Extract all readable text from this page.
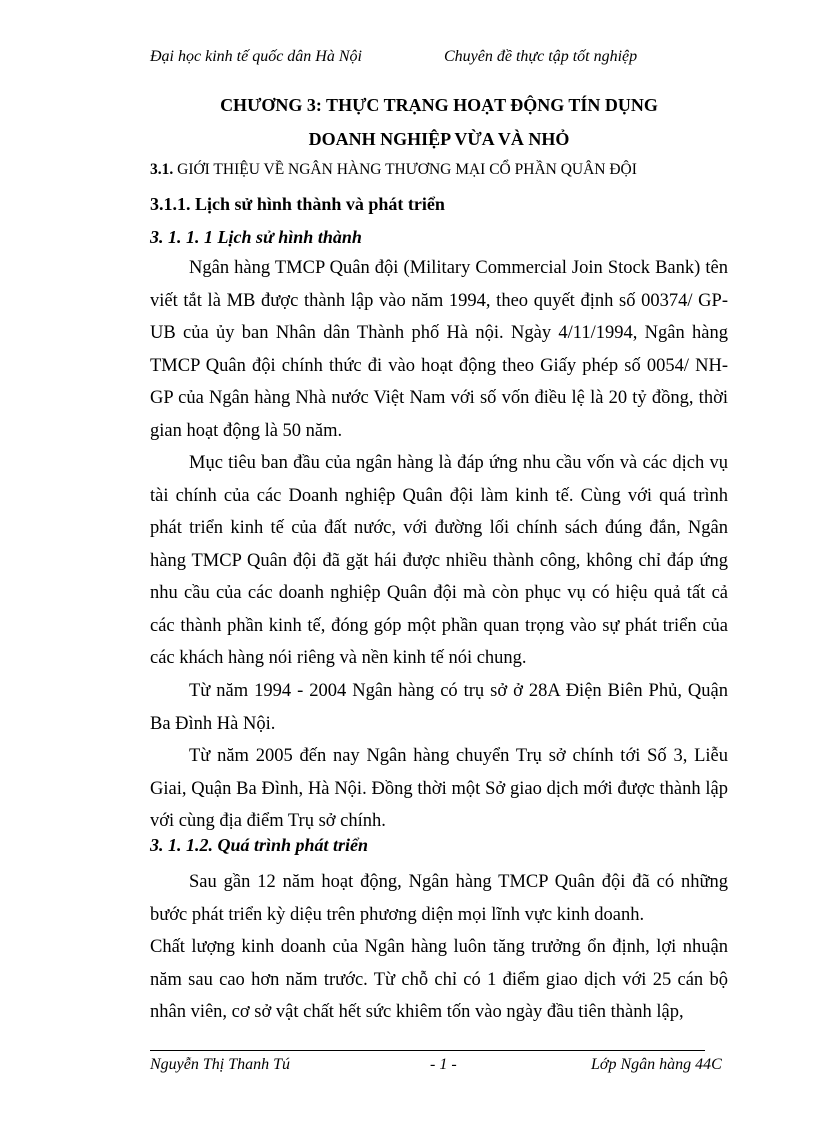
Đại học kinh tế quốc dân Hà Nội	Chuyên đề thực tập tốt nghiệp
CHƯƠNG 3: THỰC TRẠNG HOẠT ĐỘNG TÍN DỤNG
DOANH NGHIỆP VỪA VÀ NHỎ
3.1. GIỚI THIỆU VỀ NGÂN HÀNG THƯƠNG MẠI CỔ PHẦN QUÂN ĐỘI
3.1.1. Lịch sử hình thành và phát triển
3. 1. 1. 1 Lịch sử hình thành

Ngân hàng TMCP Quân đội (Military Commercial Join Stock Bank) tên viết tắt là MB được thành lập vào năm 1994, theo quyết định số 00374/ GP-UB của ủy ban Nhân dân Thành phố Hà nội. Ngày 4/11/1994, Ngân hàng TMCP Quân đội chính thức đi vào hoạt động theo Giấy phép số 0054/ NH-GP của Ngân hàng Nhà nước Việt Nam với số vốn điều lệ là 20 tỷ đồng, thời gian hoạt động là 50 năm.

Mục tiêu ban đầu của ngân hàng là đáp ứng nhu cầu vốn và các dịch vụ tài chính của các Doanh nghiệp Quân đội làm kinh tế. Cùng với quá trình phát triển kinh tế của đất nước, với đường lối chính sách đúng đắn, Ngân hàng TMCP Quân đội đã gặt hái được nhiều thành công, không chỉ đáp ứng nhu cầu của các doanh nghiệp Quân đội mà còn phục vụ có hiệu quả tất cả các thành phần kinh tế, đóng góp một phần quan trọng vào sự phát triển của các khách hàng nói riêng và nền kinh tế nói chung.

Từ năm 1994 - 2004 Ngân hàng có trụ sở ở 28A Điện Biên Phủ, Quận Ba Đình Hà Nội.

Từ năm 2005 đến nay Ngân hàng chuyển Trụ sở chính tới Số 3, Liễu Giai, Quận Ba Đình, Hà Nội. Đồng thời một Sở giao dịch mới được thành lập với cùng địa điểm Trụ sở chính.

3. 1. 1.2. Quá trình phát triển

Sau gần 12 năm hoạt động, Ngân hàng TMCP Quân đội đã có những bước phát triển kỳ diệu trên phương diện mọi lĩnh vực kinh doanh.

Chất lượng kinh doanh của Ngân hàng luôn tăng trưởng ổn định, lợi nhuận năm sau cao hơn năm trước. Từ chỗ chỉ có 1 điểm giao dịch với 25 cán bộ nhân viên, cơ sở vật chất hết sức khiêm tốn vào ngày đầu tiên thành lập,

Nguyễn Thị Thanh Tú	- 1 -	Lớp Ngân hàng 44C
